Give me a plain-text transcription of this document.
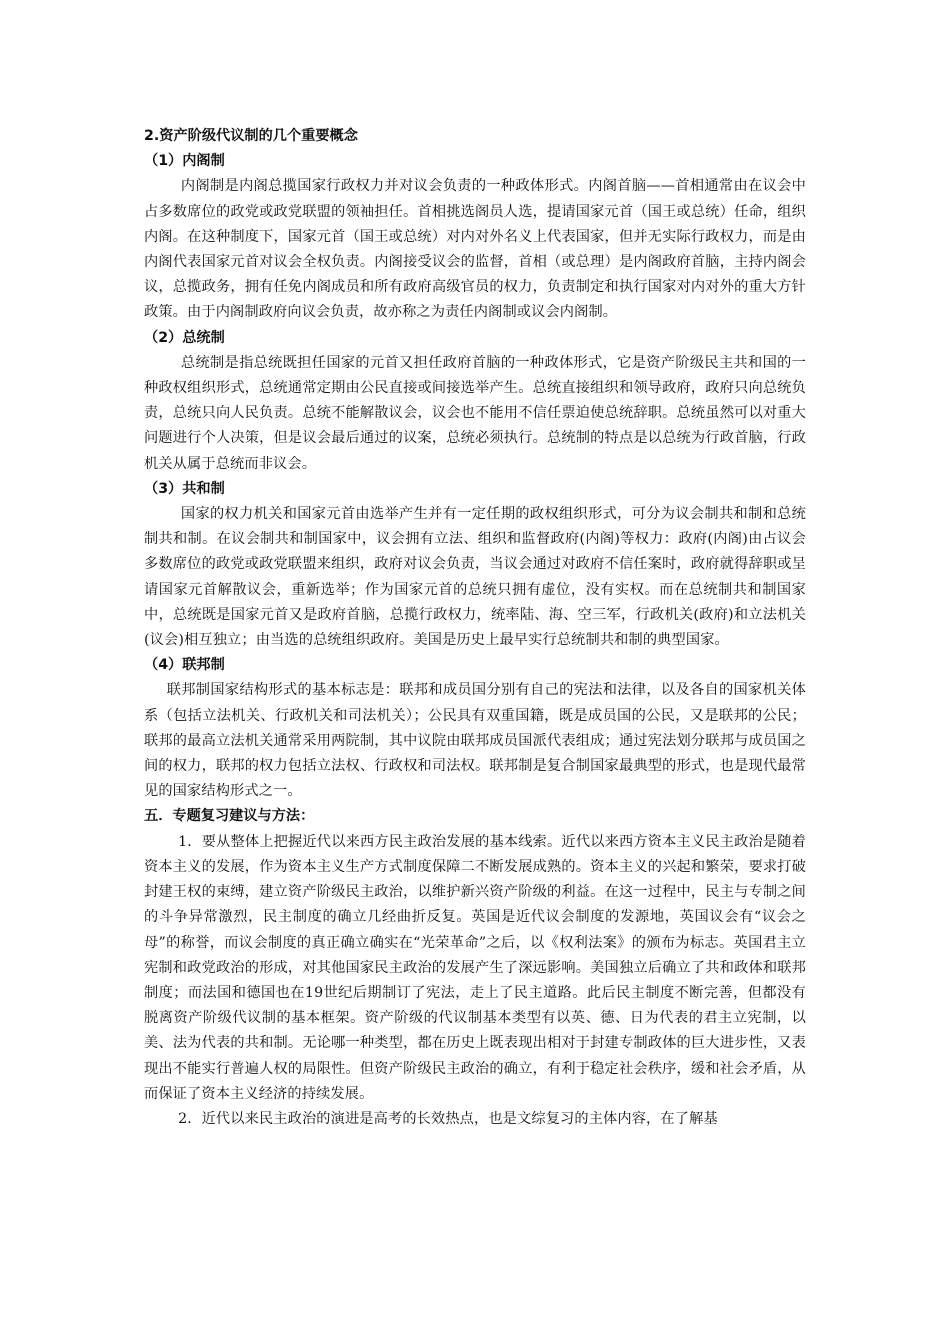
2.资产阶级代议制的几个重要概念

（1）内阁制

内阁制是内阁总揽国家行政权力并对议会负责的一种政体形式。内阁首脑——首相通常由在议会中占多数席位的政党或政党联盟的领袖担任。首相挑选阁员人选，提请国家元首（国王或总统）任命，组织内阁。在这种制度下，国家元首（国王或总统）对内对外名义上代表国家，但并无实际行政权力，而是由内阁代表国家元首对议会全权负责。内阁接受议会的监督，首相（或总理）是内阁政府首脑，主持内阁会议，总揽政务，拥有任免内阁成员和所有政府高级官员的权力，负责制定和执行国家对内对外的重大方针政策。由于内阁制政府向议会负责，故亦称之为责任内阁制或议会内阁制。

（2）总统制

总统制是指总统既担任国家的元首又担任政府首脑的一种政体形式，它是资产阶级民主共和国的一种政权组织形式，总统通常定期由公民直接或间接选举产生。总统直接组织和领导政府，政府只向总统负责，总统只向人民负责。总统不能解散议会，议会也不能用不信任票迫使总统辞职。总统虽然可以对重大问题进行个人决策，但是议会最后通过的议案，总统必须执行。总统制的特点是以总统为行政首脑，行政机关从属于总统而非议会。

（3）共和制

国家的权力机关和国家元首由选举产生并有一定任期的政权组织形式，可分为议会制共和制和总统制共和制。在议会制共和制国家中，议会拥有立法、组织和监督政府(内阁)等权力：政府(内阁)由占议会多数席位的政党或政党联盟来组织，政府对议会负责，当议会通过对政府不信任案时，政府就得辞职或呈请国家元首解散议会，重新选举；作为国家元首的总统只拥有虚位，没有实权。而在总统制共和制国家中，总统既是国家元首又是政府首脑，总揽行政权力，统率陆、海、空三军，行政机关(政府)和立法机关(议会)相互独立；由当选的总统组织政府。美国是历史上最早实行总统制共和制的典型国家。

（4）联邦制

联邦制国家结构形式的基本标志是：联邦和成员国分别有自己的宪法和法律，以及各自的国家机关体系（包括立法机关、行政机关和司法机关）；公民具有双重国籍，既是成员国的公民，又是联邦的公民；联邦的最高立法机关通常采用两院制，其中议院由联邦成员国派代表组成；通过宪法划分联邦与成员国之间的权力，联邦的权力包括立法权、行政权和司法权。联邦制是复合制国家最典型的形式，也是现代最常见的国家结构形式之一。

五．专题复习建议与方法：

1．要从整体上把握近代以来西方民主政治发展的基本线索。近代以来西方资本主义民主政治是随着资本主义的发展，作为资本主义生产方式制度保障二不断发展成熟的。资本主义的兴起和繁荣，要求打破封建王权的束缚，建立资产阶级民主政治，以维护新兴资产阶级的利益。在这一过程中，民主与专制之间的斗争异常激烈，民主制度的确立几经曲折反复。英国是近代议会制度的发源地，英国议会有“议会之母”的称誉，而议会制度的真正确立确实在“光荣革命”之后，以《权利法案》的颁布为标志。英国君主立宪制和政党政治的形成，对其他国家民主政治的发展产生了深远影响。美国独立后确立了共和政体和联邦制度；而法国和德国也在19世纪后期制订了宪法，走上了民主道路。此后民主制度不断完善，但都没有脱离资产阶级代议制的基本框架。资产阶级的代议制基本类型有以英、德、日为代表的君主立宪制，以美、法为代表的共和制。无论哪一种类型，都在历史上既表现出相对于封建专制政体的巨大进步性，又表现出不能实行普遍人权的局限性。但资产阶级民主政治的确立，有利于稳定社会秩序，缓和社会矛盾，从而保证了资本主义经济的持续发展。

2．近代以来民主政治的演进是高考的长效热点，也是文综复习的主体内容，在了解基
